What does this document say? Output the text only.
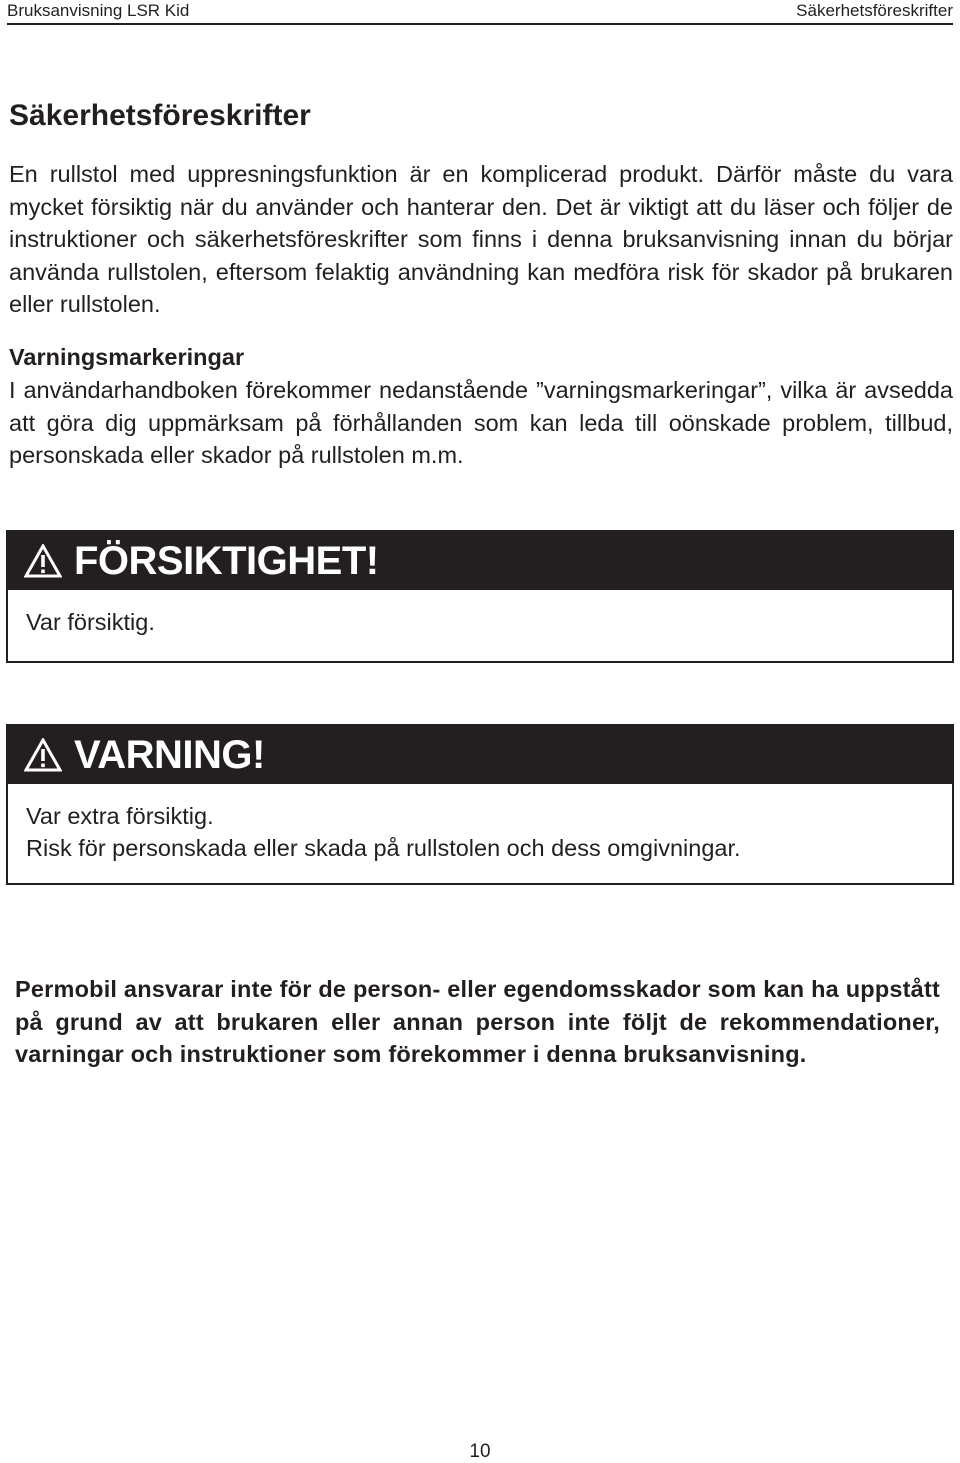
Bruksanvisning LSR Kid	Säkerhetsföreskrifter
Säkerhetsföreskrifter

En rullstol med uppresningsfunktion är en komplicerad produkt. Därför måste du vara mycket försiktig när du använder och hanterar den. Det är viktigt att du läser och följer de instruktioner och säkerhetsföreskrifter som finns i denna bruksanvisning innan du börjar använda rullstolen, eftersom felaktig användning kan medföra risk för skador på brukaren eller rullstolen.

Varningsmarkeringar

I användarhandboken förekommer nedanstående ”varningsmarkeringar”, vilka är avsedda att göra dig uppmärksam på förhållanden som kan leda till oönskade problem, tillbud, personskada eller skador på rullstolen m.m.

FÖRSIKTIGHET!
Var försiktig.
VARNING!
Var extra försiktig.
Risk för personskada eller skada på rullstolen och dess omgivningar.

Permobil ansvarar inte för de person- eller egendomsskador som kan ha uppstått på grund av att brukaren eller annan person inte följt de rekommendationer, varningar och instruktioner som förekommer i denna bruksanvisning.

10
